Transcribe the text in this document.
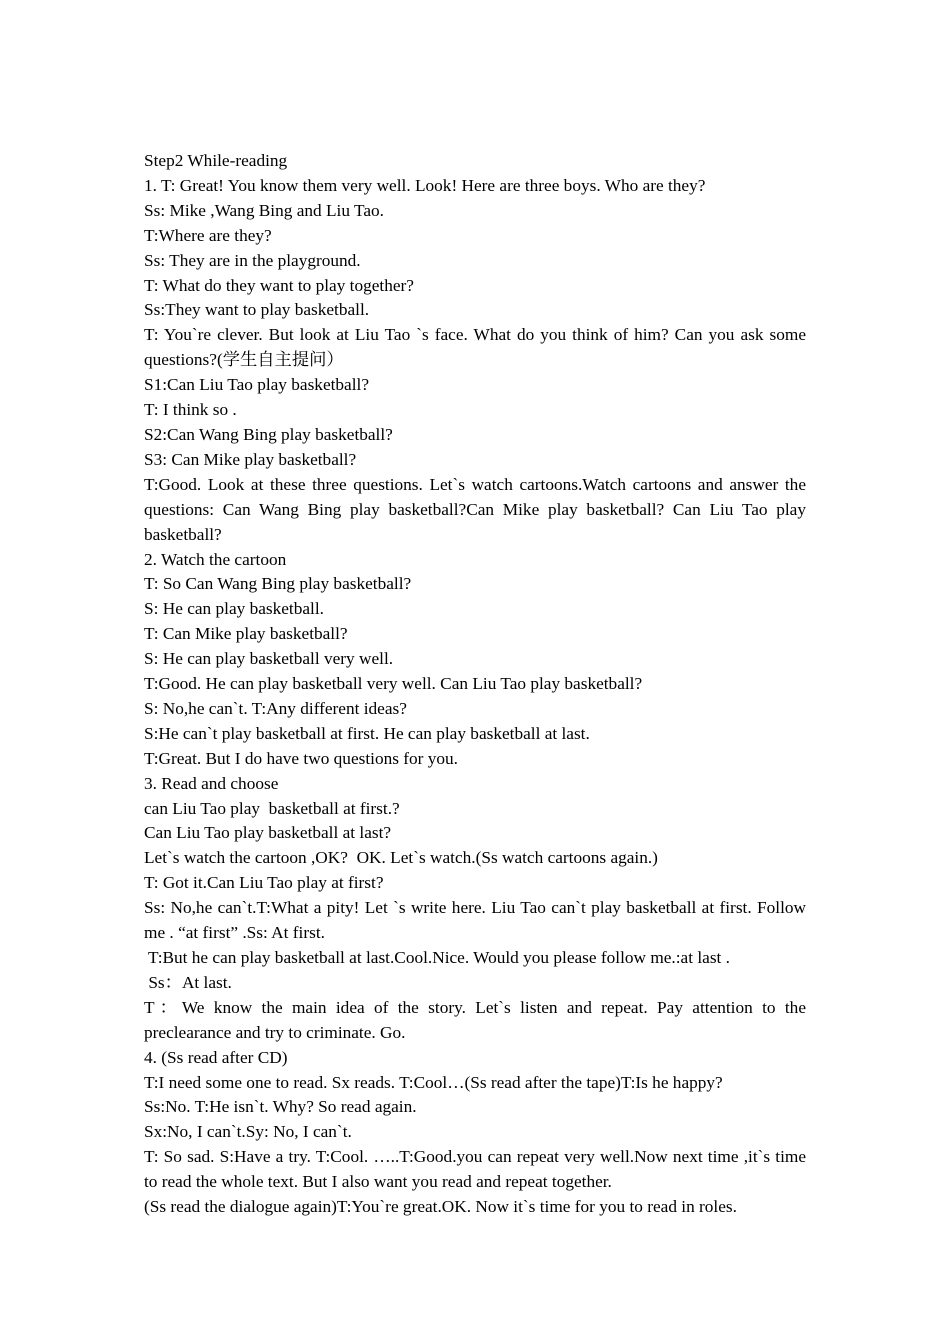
Step2 While-reading
1. T: Great! You know them very well. Look! Here are three boys. Who are they?
Ss: Mike ,Wang Bing and Liu Tao.
T:Where are they?
Ss: They are in the playground.
T: What do they want to play together?
Ss:They want to play basketball.
T: You`re clever. But look at Liu Tao `s face. What do you think of him? Can you ask some questions?(学生自主提问）
S1:Can Liu Tao play basketball?
T: I think so .
S2:Can Wang Bing play basketball?
S3: Can Mike play basketball?
T:Good. Look at these three questions. Let`s watch cartoons.Watch cartoons and answer the questions: Can Wang Bing play basketball?Can Mike play basketball? Can Liu Tao play basketball?
2. Watch the cartoon
T: So Can Wang Bing play basketball?
S: He can play basketball.
T: Can Mike play basketball?
S: He can play basketball very well.
T:Good. He can play basketball very well. Can Liu Tao play basketball?
S: No,he can`t. T:Any different ideas?
S:He can`t play basketball at first. He can play basketball at last.
T:Great. But I do have two questions for you.
3. Read and choose
can Liu Tao play  basketball at first.?
Can Liu Tao play basketball at last?
Let`s watch the cartoon ,OK?  OK. Let`s watch.(Ss watch cartoons again.)
T: Got it.Can Liu Tao play at first?
Ss: No,he can`t.T:What a pity! Let `s write here. Liu Tao can`t play basketball at first. Follow me . “at first” .Ss: At first.
T:But he can play basketball at last.Cool.Nice. Would you please follow me.:at last .
Ss：At last.
T：We know the main idea of the story. Let`s listen and repeat. Pay attention to the preclearance and try to criminate. Go.
4. (Ss read after CD)
T:I need some one to read. Sx reads. T:Cool…(Ss read after the tape)T:Is he happy?
Ss:No. T:He isn`t. Why? So read again.
Sx:No, I can`t.Sy: No, I can`t.
T: So sad. S:Have a try. T:Cool. …..T:Good.you can repeat very well.Now next time ,it`s time to read the whole text. But I also want you read and repeat together.
(Ss read the dialogue again)T:You`re great.OK. Now it`s time for you to read in roles.
